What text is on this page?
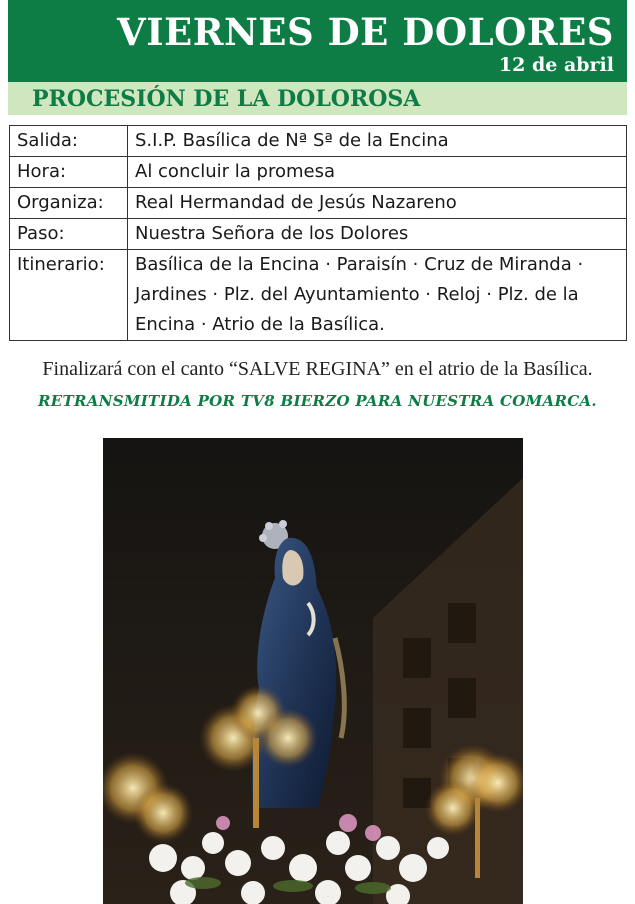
VIERNES DE DOLORES
12 de abril
PROCESIÓN DE LA DOLOROSA
Salida:	S.I.P. Basílica de Nª Sª de la Encina
Hora:	Al concluir la promesa
Organiza:	Real Hermandad de Jesús Nazareno
Paso:	Nuestra Señora de los Dolores
Itinerario:	Basílica de la Encina · Paraisín · Cruz de Miranda ·
Jardines · Plz. del Ayuntamiento · Reloj · Plz. de la
Encina · Atrio de la Basílica.
Finalizará con el canto “SALVE REGINA” en el atrio de la Basílica.
RETRANSMITIDA POR TV8 BIERZO PARA NUESTRA COMARCA.
